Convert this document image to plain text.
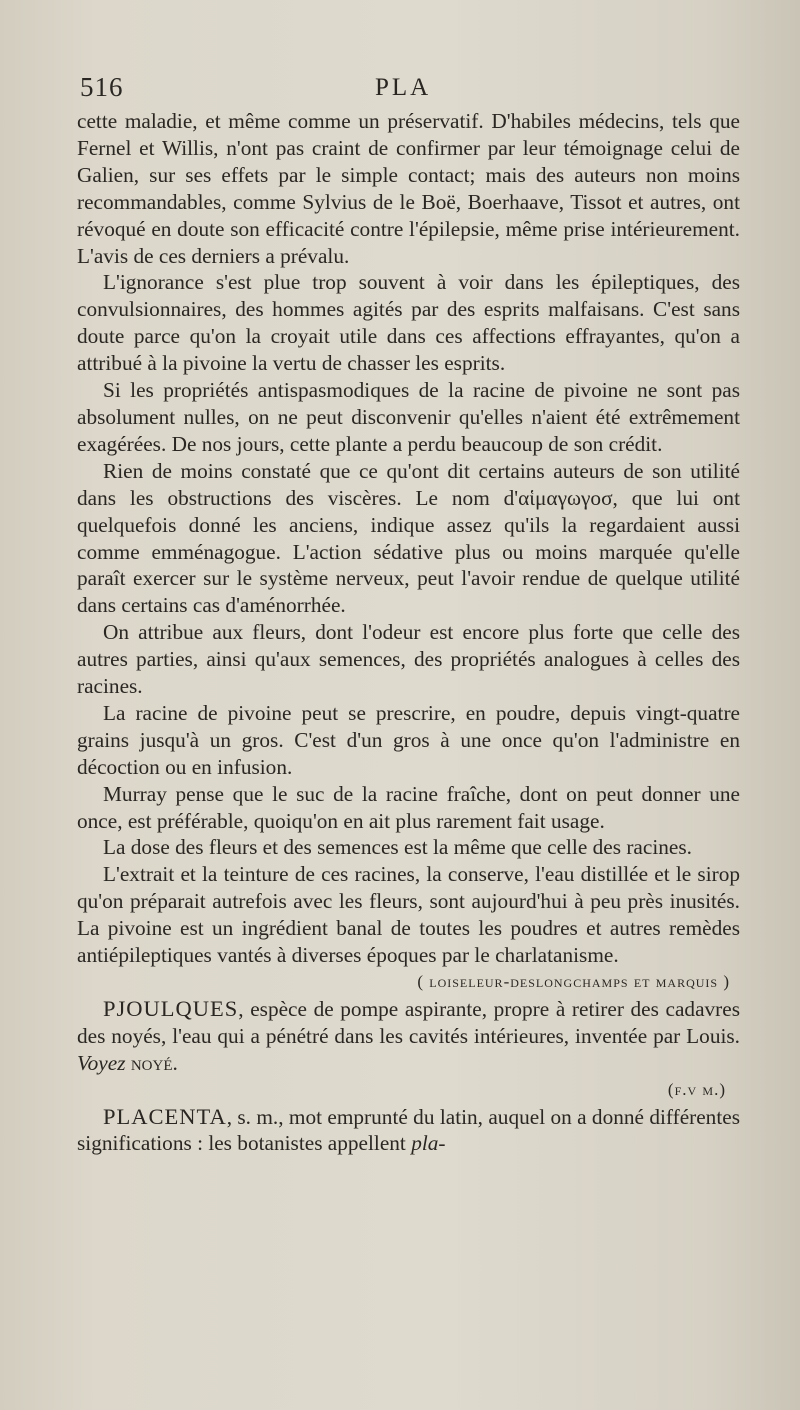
516	PLA

cette maladie, et même comme un préservatif. D'habiles médecins, tels que Fernel et Willis, n'ont pas craint de confirmer par leur témoignage celui de Galien, sur ses effets par le simple contact; mais des auteurs non moins recommandables, comme Sylvius de le Boë, Boerhaave, Tissot et autres, ont révoqué en doute son efficacité contre l'épilepsie, même prise intérieurement. L'avis de ces derniers a prévalu.

L'ignorance s'est plue trop souvent à voir dans les épileptiques, des convulsionnaires, des hommes agités par des esprits malfaisans. C'est sans doute parce qu'on la croyait utile dans ces affections effrayantes, qu'on a attribué à la pivoine la vertu de chasser les esprits.

Si les propriétés antispasmodiques de la racine de pivoine ne sont pas absolument nulles, on ne peut disconvenir qu'elles n'aient été extrêmement exagérées. De nos jours, cette plante a perdu beaucoup de son crédit.

Rien de moins constaté que ce qu'ont dit certains auteurs de son utilité dans les obstructions des viscères. Le nom d'αἱμαγωγοσ, que lui ont quelquefois donné les anciens, indique assez qu'ils la regardaient aussi comme emménagogue. L'action sédative plus ou moins marquée qu'elle paraît exercer sur le système nerveux, peut l'avoir rendue de quelque utilité dans certains cas d'aménorrhée.

On attribue aux fleurs, dont l'odeur est encore plus forte que celle des autres parties, ainsi qu'aux semences, des propriétés analogues à celles des racines.

La racine de pivoine peut se prescrire, en poudre, depuis vingt-quatre grains jusqu'à un gros. C'est d'un gros à une once qu'on l'administre en décoction ou en infusion.

Murray pense que le suc de la racine fraîche, dont on peut donner une once, est préférable, quoiqu'on en ait plus rarement fait usage.

La dose des fleurs et des semences est la même que celle des racines.

L'extrait et la teinture de ces racines, la conserve, l'eau distillée et le sirop qu'on préparait autrefois avec les fleurs, sont aujourd'hui à peu près inusités. La pivoine est un ingrédient banal de toutes les poudres et autres remèdes antiépileptiques vantés à diverses époques par le charlatanisme.

( loiseleur-deslongchamps et marquis )

PJOULQUES, espèce de pompe aspirante, propre à retirer des cadavres des noyés, l'eau qui a pénétré dans les cavités intérieures, inventée par Louis. Voyez noyé.

(f.v m.)

PLACENTA, s. m., mot emprunté du latin, auquel on a donné différentes significations : les botanistes appellent pla-
